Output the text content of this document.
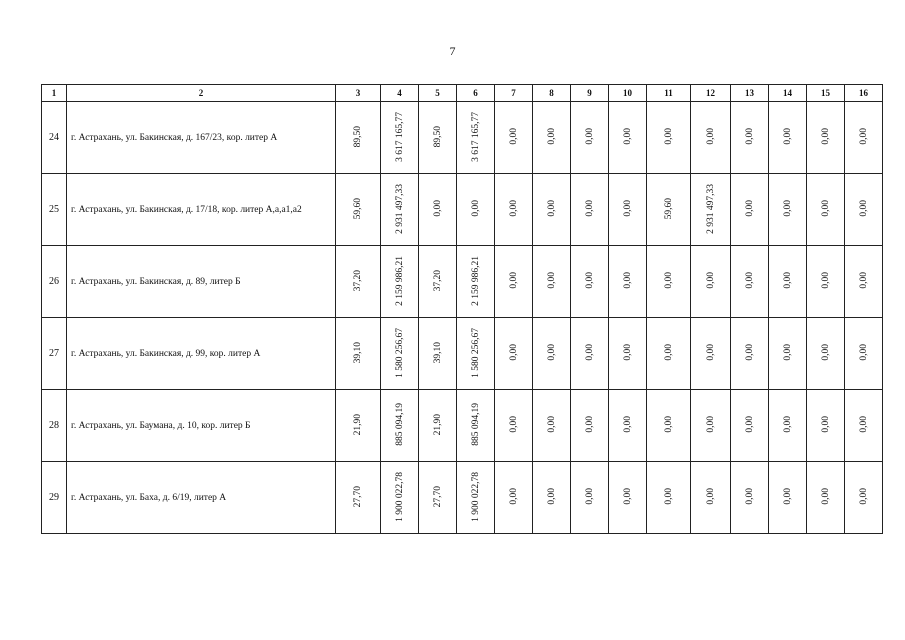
7
1	2	3	4	5	6	7	8	9	10	11	12	13	14	15	16
24	г. Астрахань, ул. Бакинская, д. 167/23, кор. литер А	89,50	3 617 165,77	89,50	3 617 165,77	0,00	0,00	0,00	0,00	0,00	0,00	0,00	0,00	0,00	0,00
25	г. Астрахань, ул. Бакинская, д. 17/18, кор. литер А,а,а1,а2	59,60	2 931 497,33	0,00	0,00	0,00	0,00	0,00	0,00	59,60	2 931 497,33	0,00	0,00	0,00	0,00
26	г. Астрахань, ул. Бакинская, д. 89, литер Б	37,20	2 159 986,21	37,20	2 159 986,21	0,00	0,00	0,00	0,00	0,00	0,00	0,00	0,00	0,00	0,00
27	г. Астрахань, ул. Бакинская, д. 99, кор. литер А	39,10	1 580 256,67	39,10	1 580 256,67	0,00	0,00	0,00	0,00	0,00	0,00	0,00	0,00	0,00	0,00
28	г. Астрахань, ул. Баумана, д. 10, кор. литер Б	21,90	885 094,19	21,90	885 094,19	0,00	0,00	0,00	0,00	0,00	0,00	0,00	0,00	0,00	0,00
29	г. Астрахань, ул. Баха, д. 6/19, литер А	27,70	1 900 022,78	27,70	1 900 022,78	0,00	0,00	0,00	0,00	0,00	0,00	0,00	0,00	0,00	0,00
